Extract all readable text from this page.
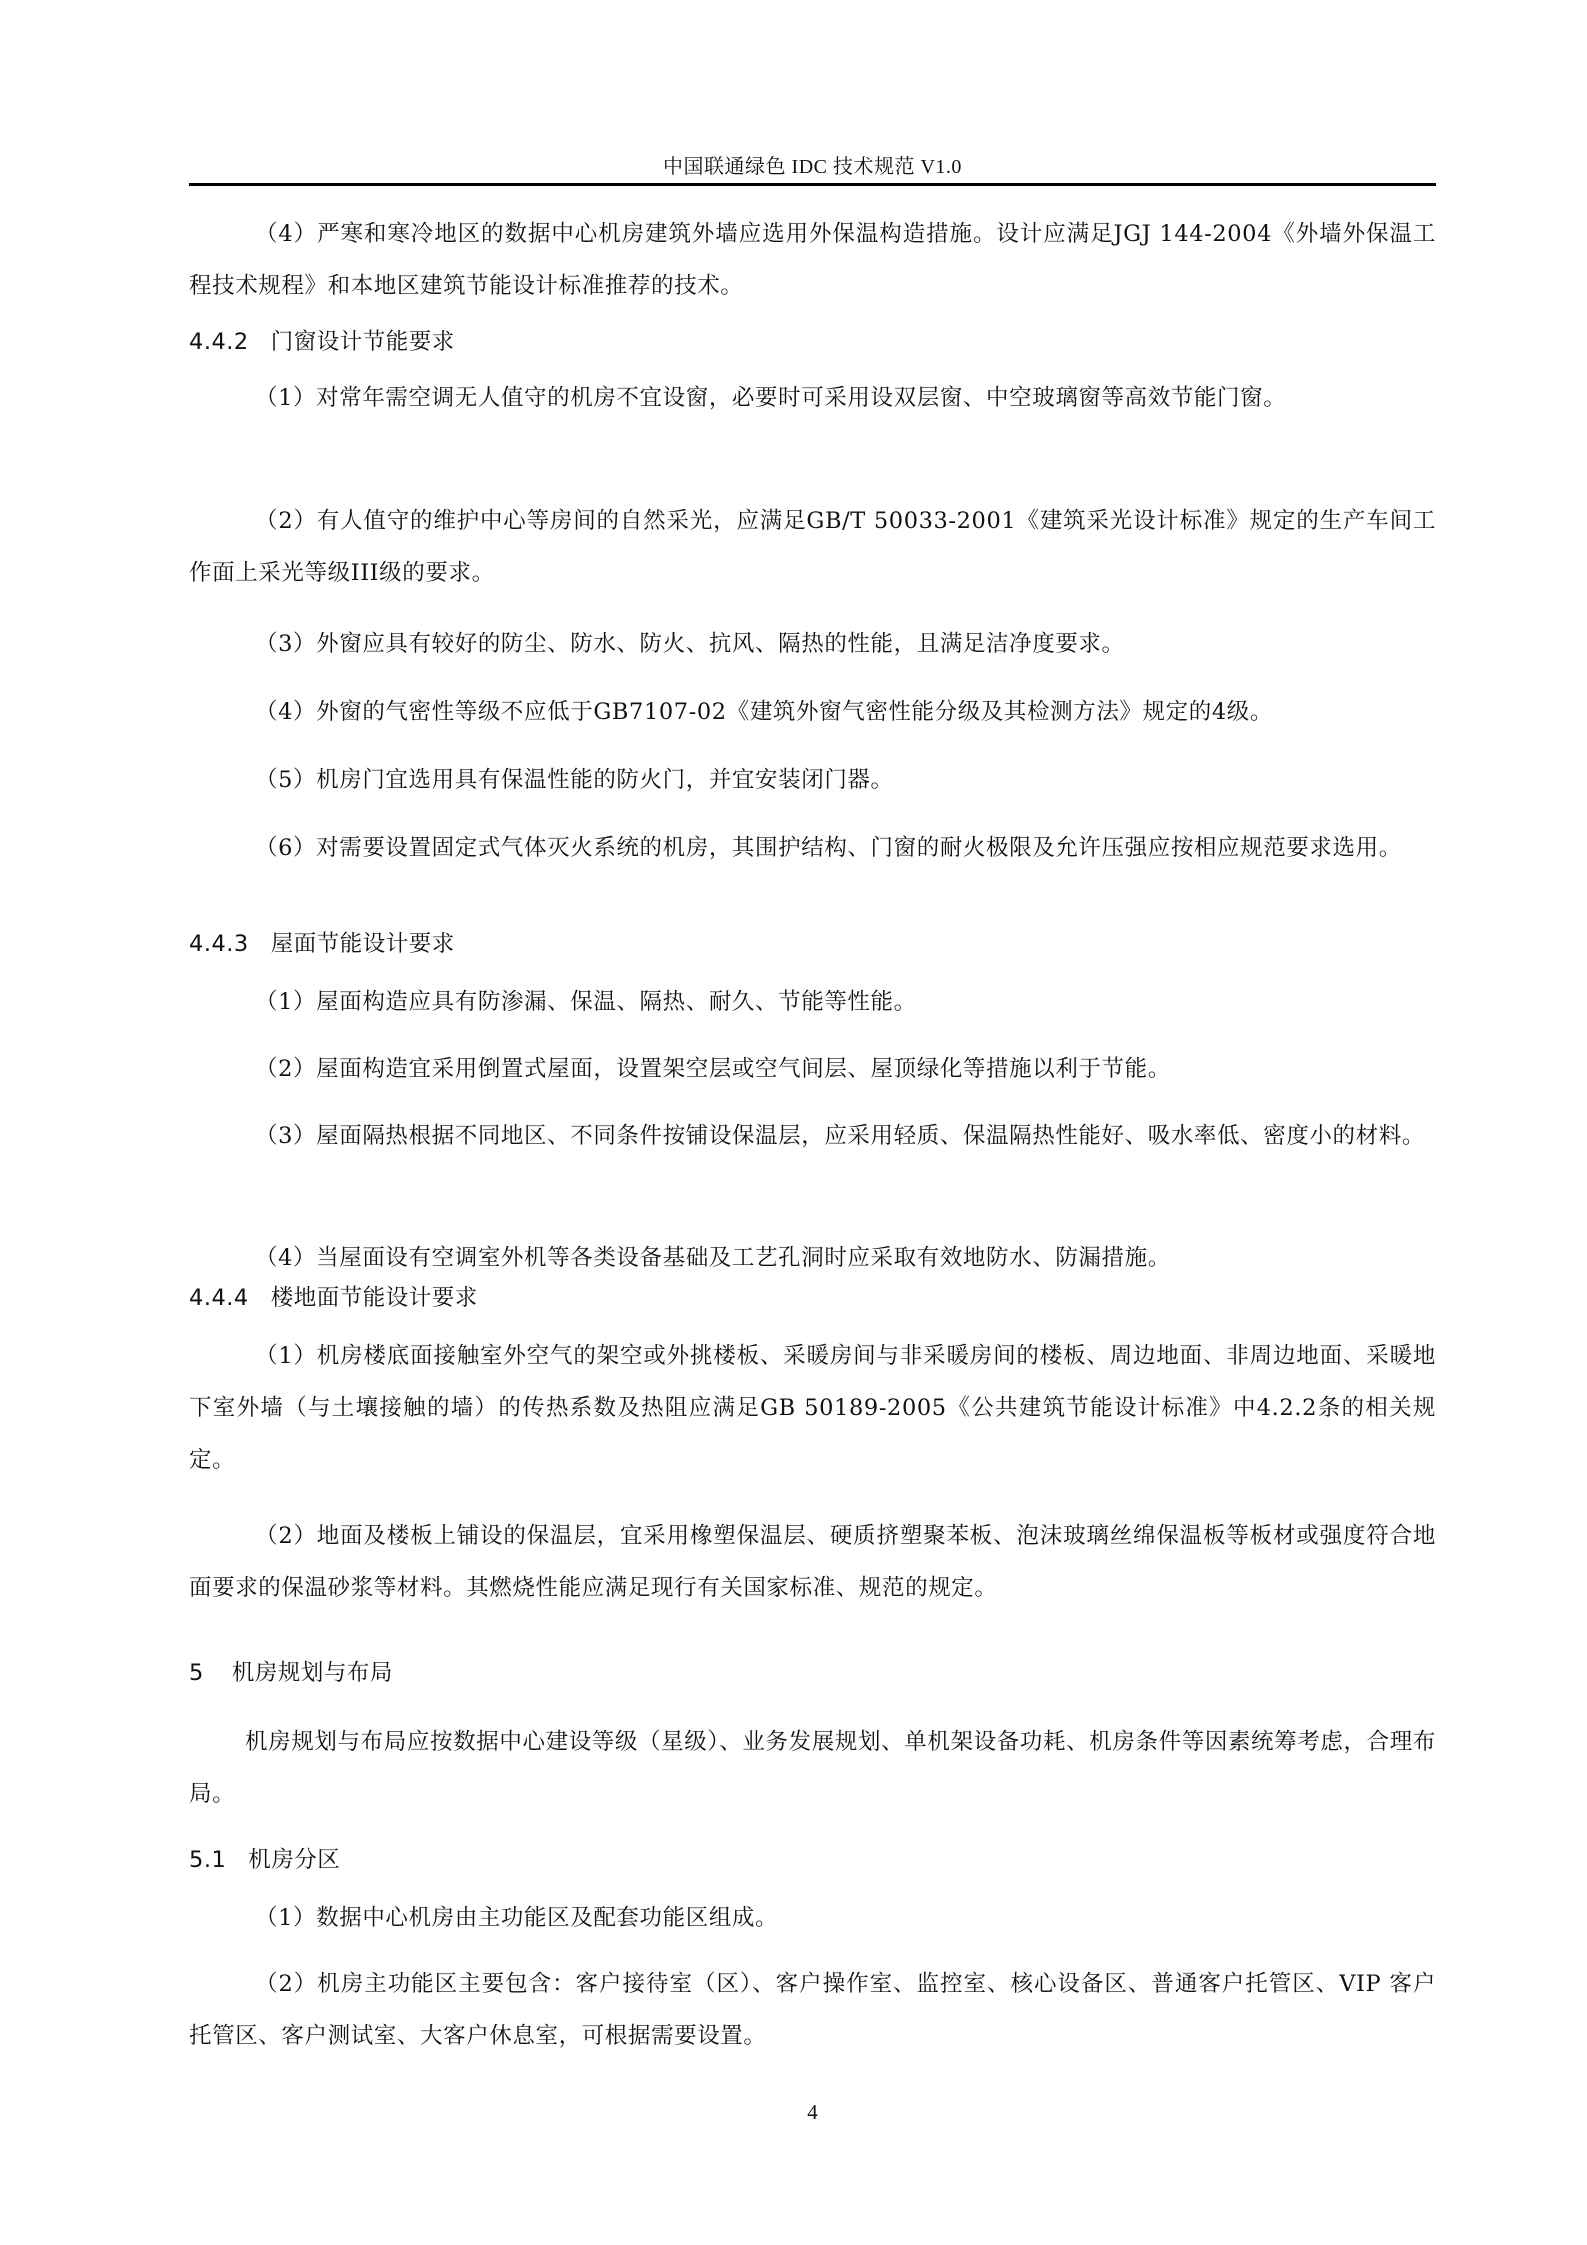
中国联通绿色 IDC 技术规范 V1.0

（4）严寒和寒冷地区的数据中心机房建筑外墙应选用外保温构造措施。设计应满足JGJ 144-2004《外墙外保温工程技术规程》和本地区建筑节能设计标准推荐的技术。

4.4.2 门窗设计节能要求

（1）对常年需空调无人值守的机房不宜设窗，必要时可采用设双层窗、中空玻璃窗等高效节能门窗。

（2）有人值守的维护中心等房间的自然采光，应满足GB/T 50033-2001《建筑采光设计标准》规定的生产车间工作面上采光等级III级的要求。

（3）外窗应具有较好的防尘、防水、防火、抗风、隔热的性能，且满足洁净度要求。

（4）外窗的气密性等级不应低于GB7107-02《建筑外窗气密性能分级及其检测方法》规定的4级。

（5）机房门宜选用具有保温性能的防火门，并宜安装闭门器。

（6）对需要设置固定式气体灭火系统的机房，其围护结构、门窗的耐火极限及允许压强应按相应规范要求选用。

4.4.3 屋面节能设计要求

（1）屋面构造应具有防渗漏、保温、隔热、耐久、节能等性能。

（2）屋面构造宜采用倒置式屋面，设置架空层或空气间层、屋顶绿化等措施以利于节能。

（3）屋面隔热根据不同地区、不同条件按铺设保温层，应采用轻质、保温隔热性能好、吸水率低、密度小的材料。

（4）当屋面设有空调室外机等各类设备基础及工艺孔洞时应采取有效地防水、防漏措施。

4.4.4 楼地面节能设计要求

（1）机房楼底面接触室外空气的架空或外挑楼板、采暖房间与非采暖房间的楼板、周边地面、非周边地面、采暖地下室外墙（与土壤接触的墙）的传热系数及热阻应满足GB 50189-2005《公共建筑节能设计标准》中4.2.2条的相关规定。

（2）地面及楼板上铺设的保温层，宜采用橡塑保温层、硬质挤塑聚苯板、泡沫玻璃丝绵保温板等板材或强度符合地面要求的保温砂浆等材料。其燃烧性能应满足现行有关国家标准、规范的规定。

5 机房规划与布局

机房规划与布局应按数据中心建设等级（星级）、业务发展规划、单机架设备功耗、机房条件等因素统筹考虑，合理布局。

5.1 机房分区

（1）数据中心机房由主功能区及配套功能区组成。

（2）机房主功能区主要包含：客户接待室（区）、客户操作室、监控室、核心设备区、普通客户托管区、VIP 客户托管区、客户测试室、大客户休息室，可根据需要设置。

4
